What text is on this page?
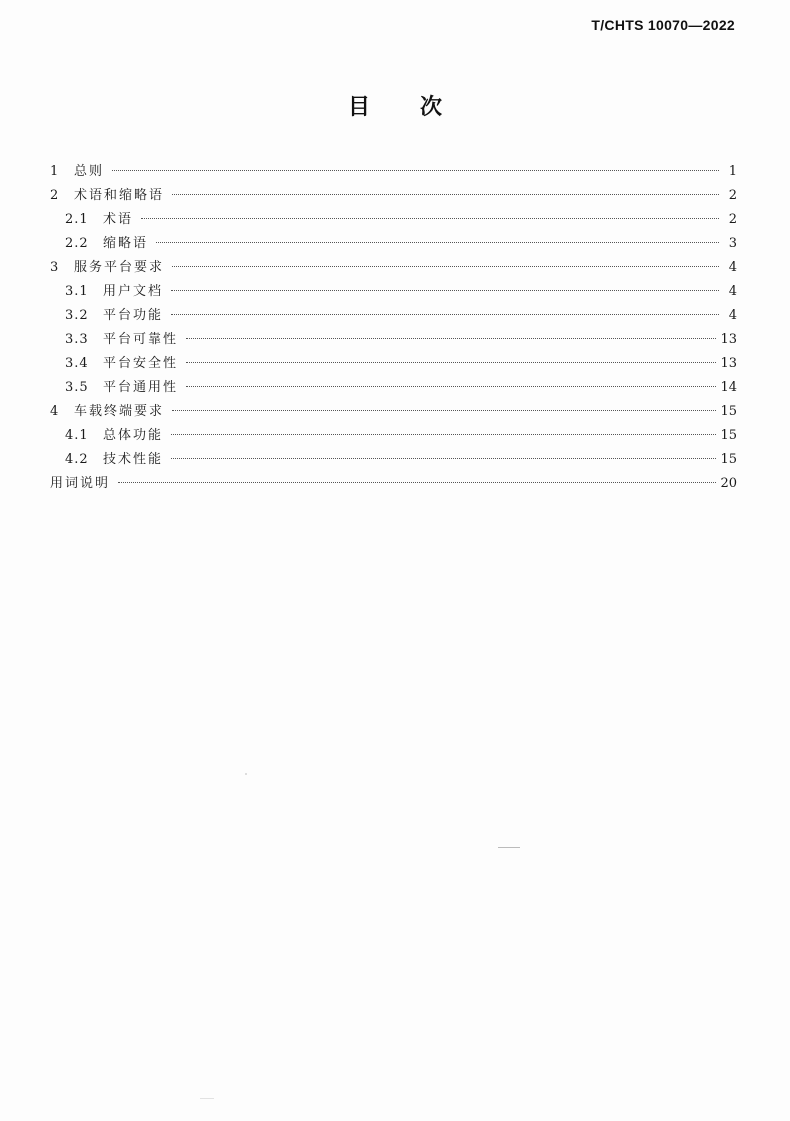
T/CHTS 10070—2022
目 次
1	总则	1
2	术语和缩略语	2
2.1	术语	2
2.2	缩略语	3
3	服务平台要求	4
3.1	用户文档	4
3.2	平台功能	4
3.3	平台可靠性	13
3.4	平台安全性	13
3.5	平台通用性	14
4	车载终端要求	15
4.1	总体功能	15
4.2	技术性能	15
用词说明	20
